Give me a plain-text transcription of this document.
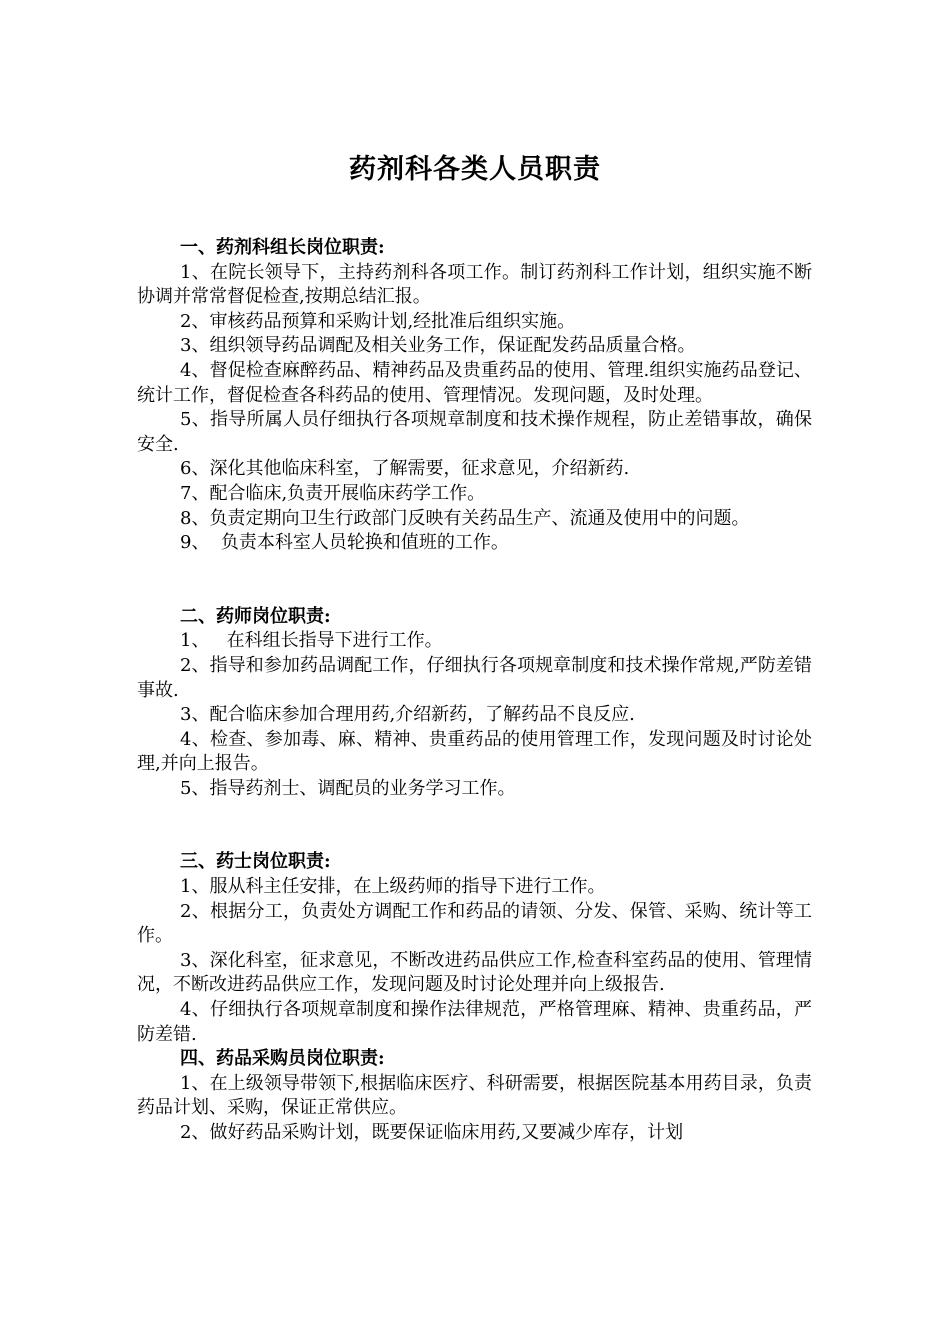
药剂科各类人员职责

一、药剂科组长岗位职责:

1、在院长领导下，主持药剂科各项工作。制订药剂科工作计划，组织实施不断协调并常常督促检查,按期总结汇报。

2、审核药品预算和采购计划,经批准后组织实施。

3、组织领导药品调配及相关业务工作，保证配发药品质量合格。

4、督促检查麻醉药品、精神药品及贵重药品的使用、管理.组织实施药品登记、统计工作，督促检查各科药品的使用、管理情况。发现问题，及时处理。

5、指导所属人员仔细执行各项规章制度和技术操作规程，防止差错事故，确保安全.

6、深化其他临床科室，了解需要，征求意见，介绍新药.

7、配合临床,负责开展临床药学工作。

8、负责定期向卫生行政部门反映有关药品生产、流通及使用中的问题。

9、  负责本科室人员轮换和值班的工作。

二、药师岗位职责:

1、   在科组长指导下进行工作。

2、指导和参加药品调配工作，仔细执行各项规章制度和技术操作常规,严防差错事故.

3、配合临床参加合理用药,介绍新药，了解药品不良反应.

4、检查、参加毒、麻、精神、贵重药品的使用管理工作，发现问题及时讨论处理,并向上报告。

5、指导药剂士、调配员的业务学习工作。

三、药士岗位职责:

1、服从科主任安排，在上级药师的指导下进行工作。

2、根据分工，负责处方调配工作和药品的请领、分发、保管、采购、统计等工作。

3、深化科室，征求意见，不断改进药品供应工作,检查科室药品的使用、管理情况，不断改进药品供应工作，发现问题及时讨论处理并向上级报告.

4、仔细执行各项规章制度和操作法律规范，严格管理麻、精神、贵重药品，严防差错.

四、药品采购员岗位职责:

1、在上级领导带领下,根据临床医疗、科研需要，根据医院基本用药目录，负责药品计划、采购，保证正常供应。

2、做好药品采购计划，既要保证临床用药,又要减少库存，计划
